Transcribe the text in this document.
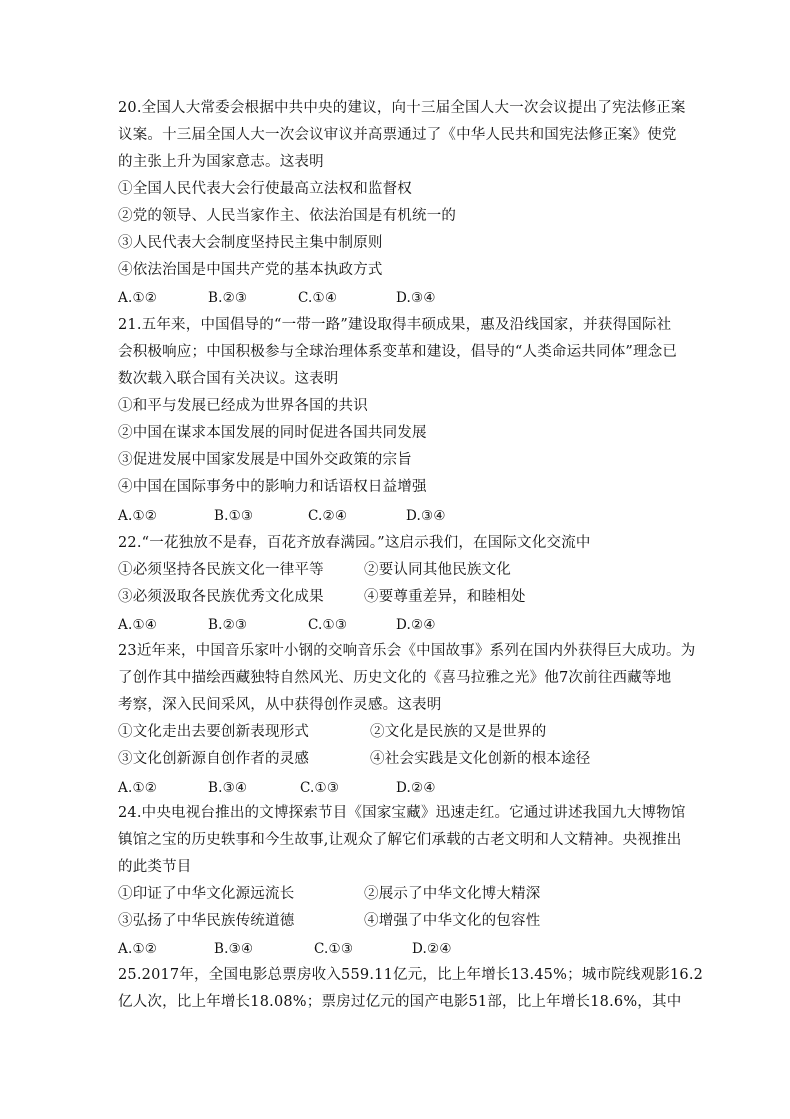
20.全国人大常委会根据中共中央的建议，向十三届全国人大一次会议提出了宪法修正案
议案。十三届全国人大一次会议审议并高票通过了《中华人民共和国宪法修正案》使党
的主张上升为国家意志。这表明
①全国人民代表大会行使最高立法权和监督权
②党的领导、人民当家作主、依法治国是有机统一的
③人民代表大会制度坚持民主集中制原则
④依法治国是中国共产党的基本执政方式
A.①②	B.②③	C.①④	D.③④
21.五年来，中国倡导的“一带一路”建设取得丰硕成果，惠及沿线国家，并获得国际社
会积极响应；中国积极参与全球治理体系变革和建设，倡导的“人类命运共同体”理念已
数次载入联合国有关决议。这表明
①和平与发展已经成为世界各国的共识
②中国在谋求本国发展的同时促进各国共同发展
③促进发展中国家发展是中国外交政策的宗旨
④中国在国际事务中的影响力和话语权日益增强
A.①②	B.①③	C.②④	D.③④
22.“一花独放不是春，百花齐放春满园。”这启示我们，在国际文化交流中
①必须坚持各民族文化一律平等	②要认同其他民族文化
③必须汲取各民族优秀文化成果	④要尊重差异，和睦相处
A.①④	B.②③	C.①③	D.②④
23近年来，中国音乐家叶小钢的交响音乐会《中国故事》系列在国内外获得巨大成功。为
了创作其中描绘西藏独特自然风光、历史文化的《喜马拉雅之光》他7次前往西藏等地
考察，深入民间采风，从中获得创作灵感。这表明
①文化走出去要创新表现形式	②文化是民族的又是世界的
③文化创新源自创作者的灵感	④社会实践是文化创新的根本途径
A.①②	B.③④	C.①③	D.②④
24.中央电视台推出的文博探索节目《国家宝藏》迅速走红。它通过讲述我国九大博物馆
镇馆之宝的历史轶事和今生故事,让观众了解它们承载的古老文明和人文精神。央视推出
的此类节目
①印证了中华文化源远流长	②展示了中华文化博大精深
③弘扬了中华民族传统道德	④增强了中华文化的包容性
A.①②	B.③④	C.①③	D.②④
25.2017年，全国电影总票房收入559.11亿元，比上年增长13.45%；城市院线观影16.2
亿人次，比上年增长18.08%；票房过亿元的国产电影51部，比上年增长18.6%，其中
